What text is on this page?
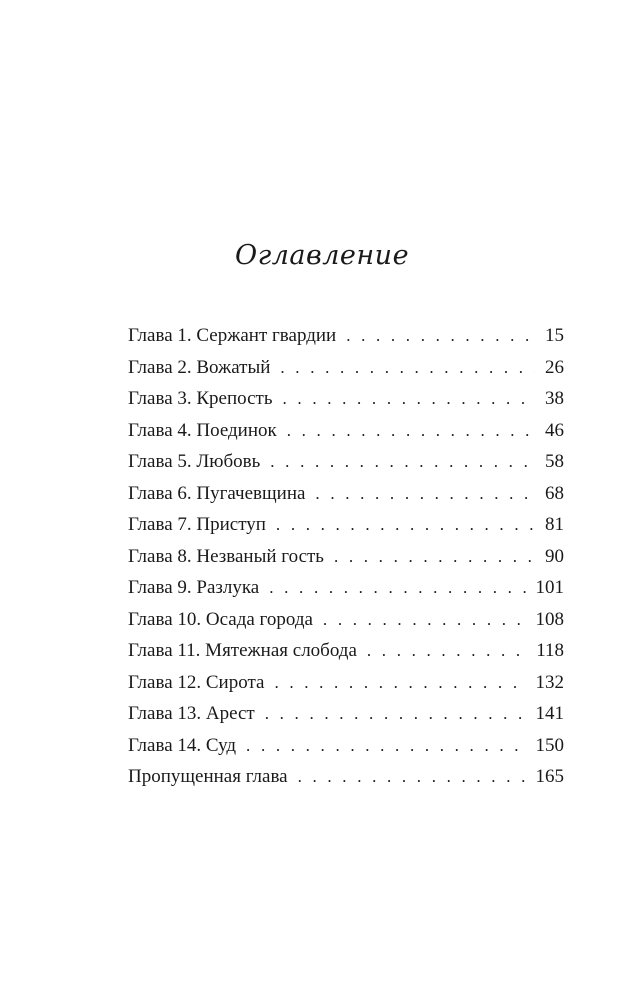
Оглавление
Глава 1. Сержант гвардии . . .	15
Глава 2. Вожатый . . .	26
Глава 3. Крепость . . .	38
Глава 4. Поединок . . .	46
Глава 5. Любовь . . .	58
Глава 6. Пугачевщина . . .	68
Глава 7. Приступ . . .	81
Глава 8. Незваный гость . . .	90
Глава 9. Разлука . . .	101
Глава 10. Осада города . . .	108
Глава 11. Мятежная слобода . . .	118
Глава 12. Сирота . . .	132
Глава 13. Арест . . .	141
Глава 14. Суд . . .	150
Пропущенная глава . . .	165
